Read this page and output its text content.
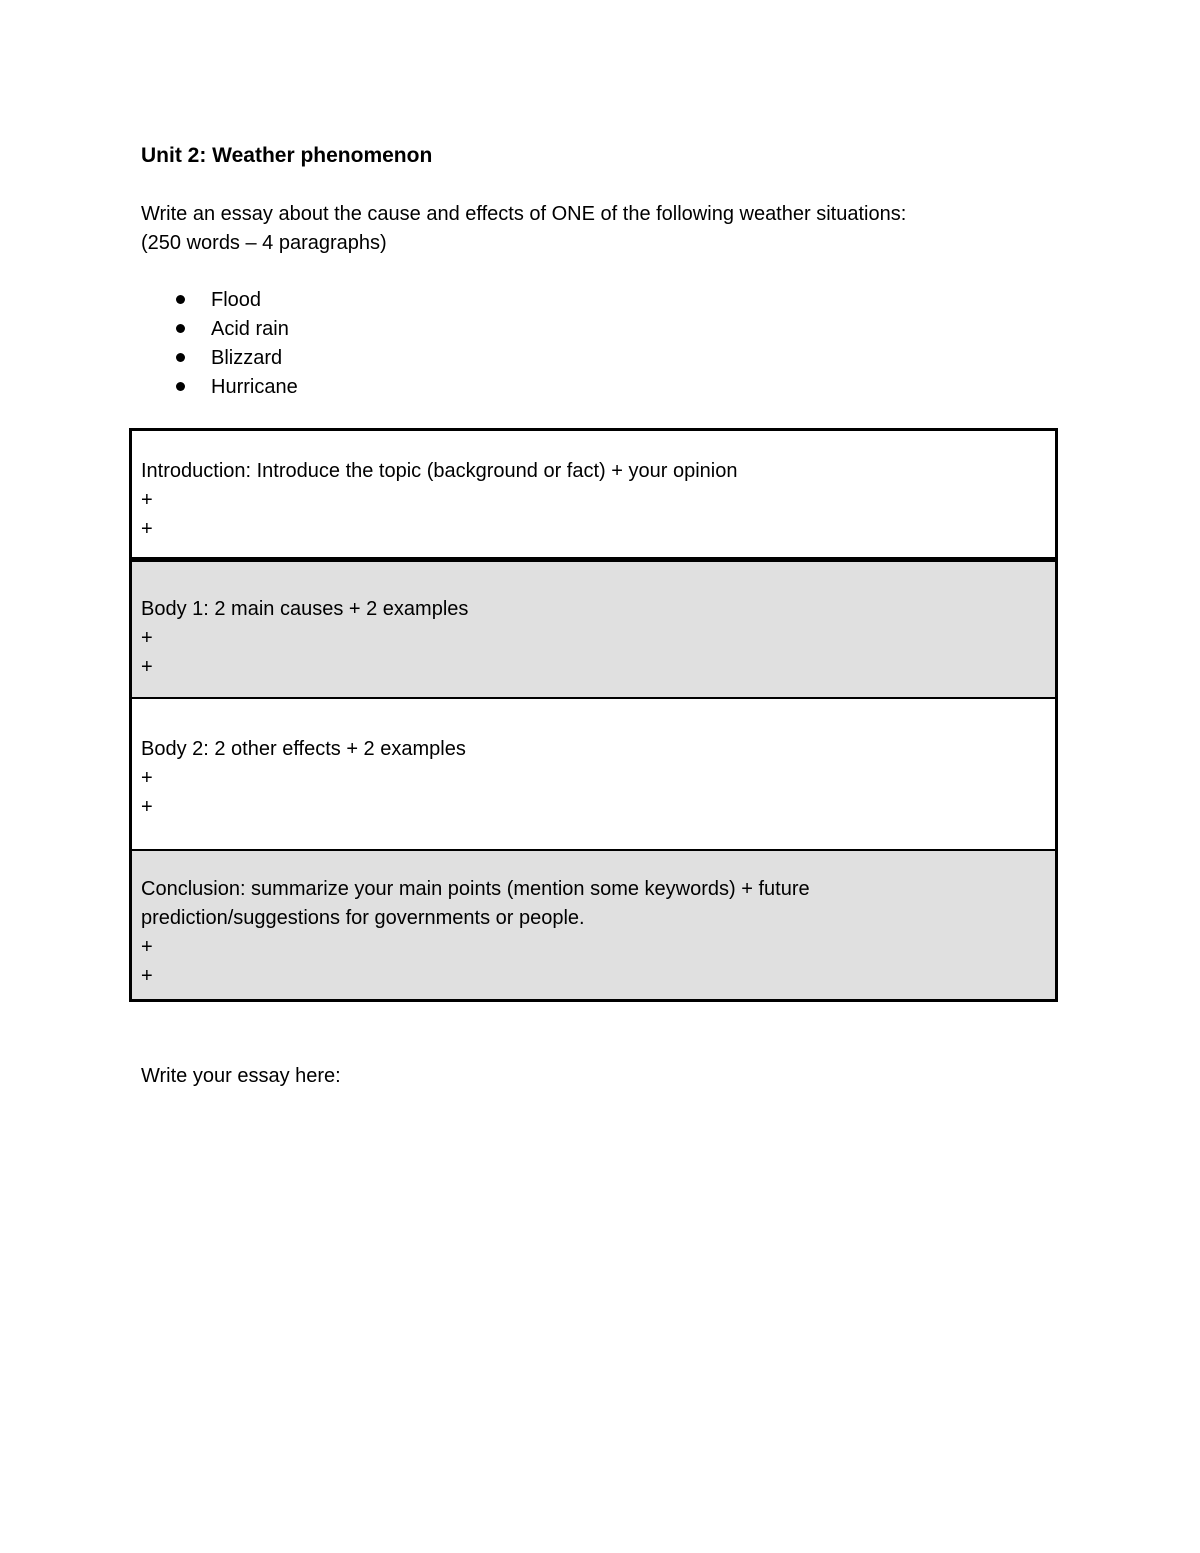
Unit 2: Weather phenomenon
Write an essay about the cause and effects of ONE of the following weather situations:
(250 words – 4 paragraphs)
Flood
Acid rain
Blizzard
Hurricane
Introduction: Introduce the topic (background or fact) + your opinion
+
+
Body 1: 2 main causes + 2 examples
+
+
Body 2: 2 other effects + 2 examples
+
+
Conclusion: summarize your main points (mention some keywords) + future
prediction/suggestions for governments or people.
+
+
Write your essay here:
